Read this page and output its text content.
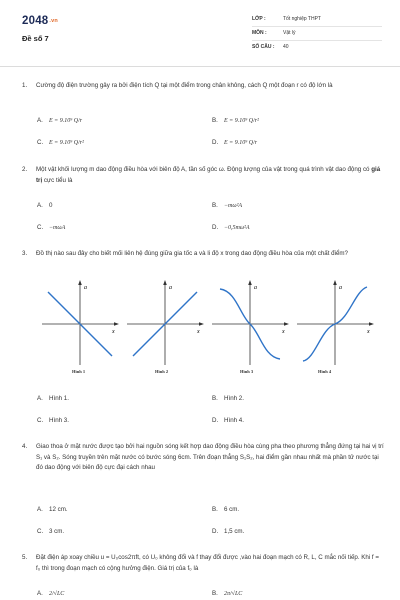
2048.vn
Đề số 7
LỚP :	Tốt nghiệp THPT
MÔN :	Vật lý
SỐ CÂU : 40
1. Cường độ điện trường gây ra bởi điện tích Q tại một điểm trong chân không, cách Q một đoạn r có độ lớn là
A. E = 9.10⁹ Q/r	B. E = 9.10⁹ Q/r²
C. E = 9.10⁹ Q/r²	D. E = 9.10⁹ Q/r
2. Một vật khối lượng m dao động điều hòa với biên độ A, tần số góc ω. Động lượng của vật trong quá trình vật dao động có giá trị cực tiểu là
A. 0	B. −mω²A
C. −mωA	D. −0,5mω²A
3. Đồ thị nào sau đây cho biết mối liên hệ đúng giữa gia tốc a và li độ x trong dao động điều hòa của một chất điểm?
a
x
a
x
a
x
a
x
Hình 1	Hình 2	Hình 3	Hình 4
A. Hình 1.	B. Hình 2.
C. Hình 3.	D. Hình 4.
4. Giao thoa ở mặt nước được tạo bởi hai nguồn sóng kết hợp dao động điều hòa cùng pha theo phương thẳng đứng tại hai vị trí S₁ và S₂. Sóng truyền trên mặt nước có bước sóng 6cm. Trên đoạn thẳng S₁S₂, hai điểm gần nhau nhất mà phần tử nước tại đó dao động với biên độ cực đại cách nhau
A. 12 cm.	B. 6 cm.
C. 3 cm.	D. 1,5 cm.
5. Đặt điện áp xoay chiều u = U₀cos2πft, có U₀ không đổi và f thay đổi được ,vào hai đoạn mạch có R, L, C mắc nối tiếp. Khi f = f₀ thì trong đoạn mạch có cộng hưởng điện. Giá trị của f₀ là
A. 2/√LC	B. 2π/√LC
